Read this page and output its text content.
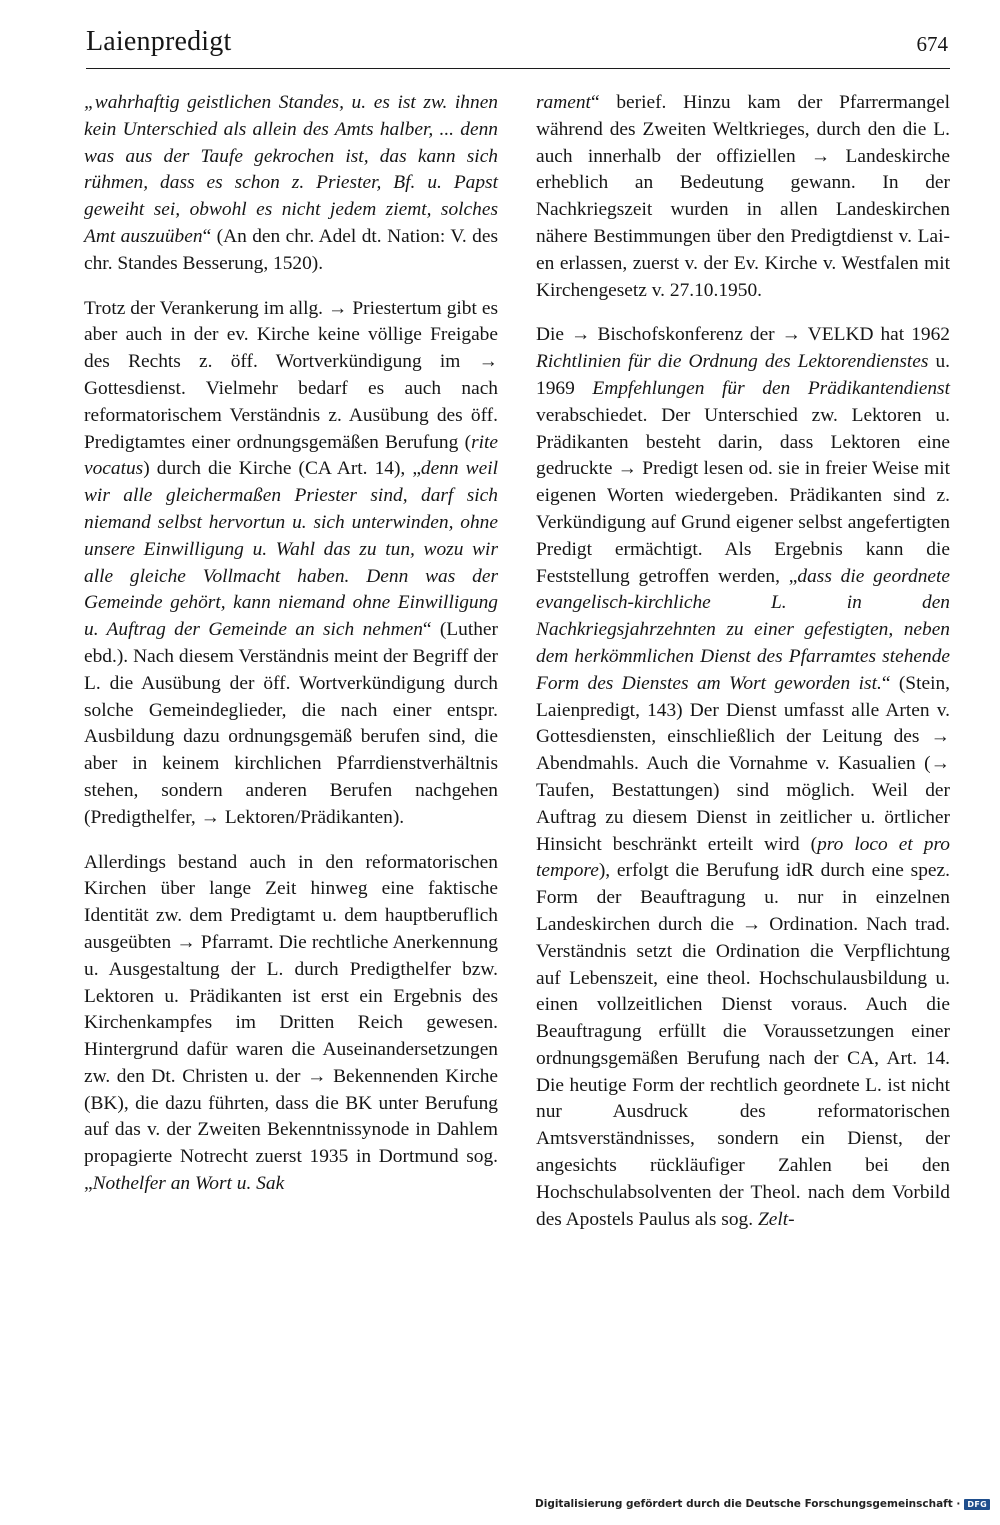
Laienpredigt	674

„wahrhaftig geistlichen Standes, u. es ist zw. ihnen kein Unterschied als allein des Amts halber, ... denn was aus der Taufe gekrochen ist, das kann sich rühmen, dass es schon z. Priester, Bf. u. Papst geweiht sei, obwohl es nicht jedem ziemt, solches Amt auszuüben“ (An den chr. Adel dt. Nation: V. des chr. Standes Besserung, 1520).

Trotz der Verankerung im allg. → Priestertum gibt es aber auch in der ev. Kirche keine völlige Freigabe des Rechts z. öff. Wortverkündigung im → Gottesdienst. Vielmehr bedarf es auch nach reformatorischem Verständnis z. Ausübung des öff. Predigtamtes einer ordnungsgemäßen Berufung (rite vocatus) durch die Kirche (CA Art. 14), „denn weil wir alle gleichermaßen Priester sind, darf sich niemand selbst hervortun u. sich unterwinden, ohne unsere Einwilligung u. Wahl das zu tun, wozu wir alle gleiche Vollmacht haben. Denn was der Gemeinde gehört, kann niemand ohne Einwilligung u. Auftrag der Gemeinde an sich nehmen“ (Luther ebd.). Nach diesem Verständnis meint der Begriff der L. die Ausübung der öff. Wortverkündigung durch solche Gemeindeglieder, die nach einer entspr. Ausbildung dazu ordnungsgemäß berufen sind, die aber in keinem kirchlichen Pfarrdienstverhältnis stehen, sondern anderen Berufen nachgehen (Predigthelfer, → Lektoren/Prädikanten).

Allerdings bestand auch in den reformatorischen Kirchen über lange Zeit hinweg eine faktische Identität zw. dem Predigtamt u. dem hauptberuflich ausgeübten → Pfarramt. Die rechtliche Anerkennung u. Ausgestaltung der L. durch Predigthelfer bzw. Lektoren u. Prädikanten ist erst ein Ergebnis des Kirchenkampfes im Dritten Reich gewesen. Hintergrund dafür waren die Auseinandersetzungen zw. den Dt. Christen u. der → Bekennenden Kirche (BK), die dazu führten, dass die BK unter Berufung auf das v. der Zweiten Bekenntnissynode in Dahlem propagierte Notrecht zuerst 1935 in Dortmund sog. „Nothelfer an Wort u. Sak

rament“ berief. Hinzu kam der Pfarrermangel während des Zweiten Weltkrieges, durch den die L. auch innerhalb der offiziellen → Landeskirche erheblich an Bedeutung gewann. In der Nachkriegszeit wurden in allen Landeskirchen nähere Bestimmungen über den Predigtdienst v. Laien erlassen, zuerst v. der Ev. Kirche v. Westfalen mit Kirchengesetz v. 27.10.1950.

Die → Bischofskonferenz der → VELKD hat 1962 Richtlinien für die Ordnung des Lektorendienstes u. 1969 Empfehlungen für den Prädikantendienst verabschiedet. Der Unterschied zw. Lektoren u. Prädikanten besteht darin, dass Lektoren eine gedruckte → Predigt lesen od. sie in freier Weise mit eigenen Worten wiedergeben. Prädikanten sind z. Verkündigung auf Grund eigener selbst angefertigten Predigt ermächtigt. Als Ergebnis kann die Feststellung getroffen werden, „dass die geordnete evangelisch-kirchliche L. in den Nachkriegsjahrzehnten zu einer gefestigten, neben dem herkömmlichen Dienst des Pfarramtes stehende Form des Dienstes am Wort geworden ist.“ (Stein, Laienpredigt, 143) Der Dienst umfasst alle Arten v. Gottesdiensten, einschließlich der Leitung des → Abendmahls. Auch die Vornahme v. Kasualien (→ Taufen, Bestattungen) sind möglich. Weil der Auftrag zu diesem Dienst in zeitlicher u. örtlicher Hinsicht beschränkt erteilt wird (pro loco et pro tempore), erfolgt die Berufung idR durch eine spez. Form der Beauftragung u. nur in einzelnen Landeskirchen durch die → Ordination. Nach trad. Verständnis setzt die Ordination die Verpflichtung auf Lebenszeit, eine theol. Hochschulausbildung u. einen vollzeitlichen Dienst voraus. Auch die Beauftragung erfüllt die Voraussetzungen einer ordnungsgemäßen Berufung nach der CA, Art. 14. Die heutige Form der rechtlich geordnete L. ist nicht nur Ausdruck des reformatorischen Amtsverständnisses, sondern ein Dienst, der angesichts rückläufiger Zahlen bei den Hochschulabsolventen der Theol. nach dem Vorbild des Apostels Paulus als sog. Zelt-

Digitalisierung gefördert durch die Deutsche Forschungsgemeinschaft · DFG
